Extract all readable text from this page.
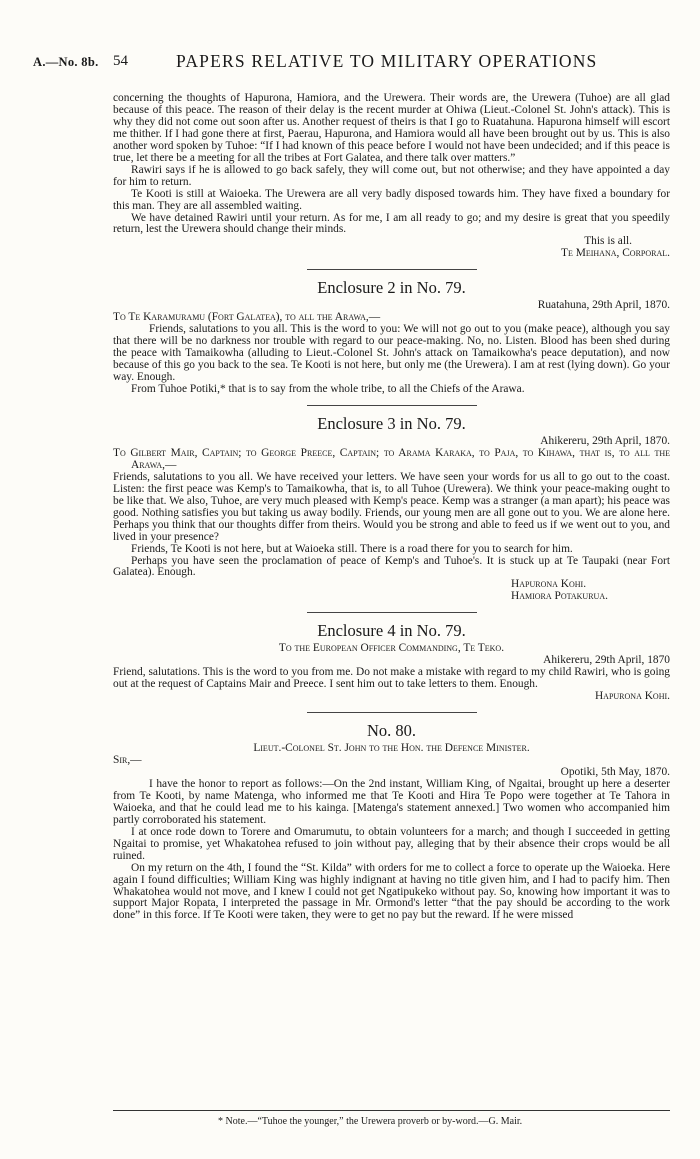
A.—No. 8b. 54	PAPERS RELATIVE TO MILITARY OPERATIONS

concerning the thoughts of Hapurona, Hamiora, and the Urewera. Their words are, the Urewera (Tuhoe) are all glad because of this peace. The reason of their delay is the recent murder at Ohiwa (Lieut.-Colonel St. John's attack). This is why they did not come out soon after us. Another request of theirs is that I go to Ruatahuna. Hapurona himself will escort me thither. If I had gone there at first, Paerau, Hapurona, and Hamiora would all have been brought out by us. This is also another word spoken by Tuhoe: “If I had known of this peace before I would not have been undecided; and if this peace is true, let there be a meeting for all the tribes at Fort Galatea, and there talk over matters.”

Rawiri says if he is allowed to go back safely, they will come out, but not otherwise; and they have appointed a day for him to return.

Te Kooti is still at Waioeka. The Urewera are all very badly disposed towards him. They have fixed a boundary for this man. They are all assembled waiting.

We have detained Rawiri until your return. As for me, I am all ready to go; and my desire is great that you speedily return, lest the Urewera should change their minds.

This is all.

Te Meihana, Corporal.

Enclosure 2 in No. 79.

Ruatahuna, 29th April, 1870.

To Te Karamuramu (Fort Galatea), to all the Arawa,—

Friends, salutations to you all. This is the word to you: We will not go out to you (make peace), although you say that there will be no darkness nor trouble with regard to our peace-making. No, no. Listen. Blood has been shed during the peace with Tamaikowha (alluding to Lieut.-Colonel St. John's attack on Tamaikowha's peace deputation), and now because of this go you back to the sea. Te Kooti is not here, but only me (the Urewera). I am at rest (lying down). Go your way. Enough.

From Tuhoe Potiki,* that is to say from the whole tribe, to all the Chiefs of the Arawa.

Enclosure 3 in No. 79.

Ahikereru, 29th April, 1870.

To Gilbert Mair, Captain; to George Preece, Captain; to Arama Karaka, to Paja, to Kihawa, that is, to all the Arawa,—

Friends, salutations to you all. We have received your letters. We have seen your words for us all to go out to the coast. Listen: the first peace was Kemp's to Tamaikowha, that is, to all Tuhoe (Urewera). We think your peace-making ought to be like that. We also, Tuhoe, are very much pleased with Kemp's peace. Kemp was a stranger (a man apart); his peace was good. Nothing satisfies you but taking us away bodily. Friends, our young men are all gone out to you. We are alone here. Perhaps you think that our thoughts differ from theirs. Would you be strong and able to feed us if we went out to you, and lived in your presence?

Friends, Te Kooti is not here, but at Waioeka still. There is a road there for you to search for him.

Perhaps you have seen the proclamation of peace of Kemp's and Tuhoe's. It is stuck up at Te Taupaki (near Fort Galatea). Enough.

Hapurona Kohi.

Hamiora Potakurua.

Enclosure 4 in No. 79.

To the European Officer Commanding, Te Teko.

Ahikereru, 29th April, 1870

Friend, salutations. This is the word to you from me. Do not make a mistake with regard to my child Rawiri, who is going out at the request of Captains Mair and Preece. I sent him out to take letters to them. Enough.

Hapurona Kohi.

No. 80.

Lieut.-Colonel St. John to the Hon. the Defence Minister.

Sir,—

Opotiki, 5th May, 1870.

I have the honor to report as follows:—On the 2nd instant, William King, of Ngaitai, brought up here a deserter from Te Kooti, by name Matenga, who informed me that Te Kooti and Hira Te Popo were together at Te Tahora in Waioeka, and that he could lead me to his kainga. [Matenga's statement annexed.] Two women who accompanied him partly corroborated his statement.

I at once rode down to Torere and Omarumutu, to obtain volunteers for a march; and though I succeeded in getting Ngaitai to promise, yet Whakatohea refused to join without pay, alleging that by their absence their crops would be all ruined.

On my return on the 4th, I found the “St. Kilda” with orders for me to collect a force to operate up the Waioeka. Here again I found difficulties; William King was highly indignant at having no title given him, and I had to pacify him. Then Whakatohea would not move, and I knew I could not get Ngatipukeko without pay. So, knowing how important it was to support Major Ropata, I interpreted the passage in Mr. Ormond's letter “that the pay should be according to the work done” in this force. If Te Kooti were taken, they were to get no pay but the reward. If he were missed

* Note.—“Tuhoe the younger,” the Urewera proverb or by-word.—G. Mair.
